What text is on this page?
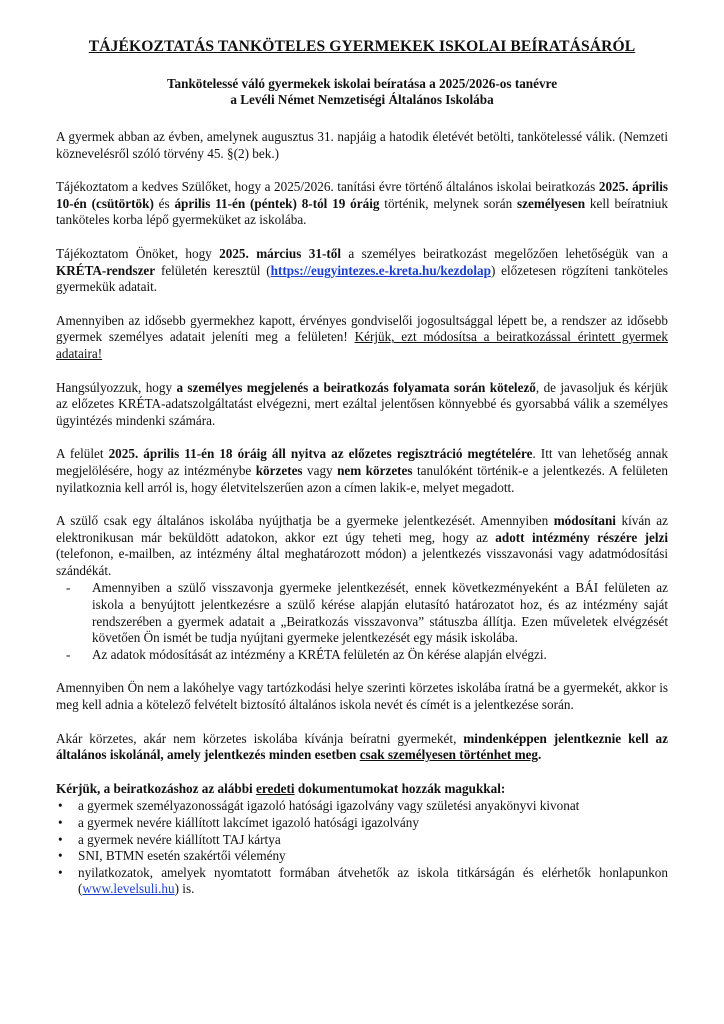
TÁJÉKOZTATÁS TANKÖTELES GYERMEKEK ISKOLAI BEÍRATÁSÁRÓL
Tankötelessé váló gyermekek iskolai beíratása a 2025/2026-os tanévre
a Levéli Német Nemzetiségi Általános Iskolába

A gyermek abban az évben, amelynek augusztus 31. napjáig a hatodik életévét betölti, tankötelessé válik. (Nemzeti köznevelésről szóló törvény 45. §(2) bek.)

Tájékoztatom a kedves Szülőket, hogy a 2025/2026. tanítási évre történő általános iskolai beiratkozás 2025. április 10-én (csütörtök) és április 11-én (péntek) 8-tól 19 óráig történik, melynek során személyesen kell beíratniuk tanköteles korba lépő gyermeküket az iskolába.

Tájékoztatom Önöket, hogy 2025. március 31-től a személyes beiratkozást megelőzően lehetőségük van a KRÉTA-rendszer felületén keresztül (https://eugyintezes.e-kreta.hu/kezdolap) előzetesen rögzíteni tanköteles gyermekük adatait.

Amennyiben az idősebb gyermekhez kapott, érvényes gondviselői jogosultsággal lépett be, a rendszer az idősebb gyermek személyes adatait jeleníti meg a felületen! Kérjük, ezt módosítsa a beiratkozással érintett gyermek adataira!

Hangsúlyozzuk, hogy a személyes megjelenés a beiratkozás folyamata során kötelező, de javasoljuk és kérjük az előzetes KRÉTA-adatszolgáltatást elvégezni, mert ezáltal jelentősen könnyebbé és gyorsabbá válik a személyes ügyintézés mindenki számára.

A felület 2025. április 11-én 18 óráig áll nyitva az előzetes regisztráció megtételére. Itt van lehetőség annak megjelölésére, hogy az intézménybe körzetes vagy nem körzetes tanulóként történik-e a jelentkezés. A felületen nyilatkoznia kell arról is, hogy életvitelszerűen azon a címen lakik-e, melyet megadott.

A szülő csak egy általános iskolába nyújthatja be a gyermeke jelentkezését. Amennyiben módosítani kíván az elektronikusan már beküldött adatokon, akkor ezt úgy teheti meg, hogy az adott intézmény részére jelzi (telefonon, e-mailben, az intézmény által meghatározott módon) a jelentkezés visszavonási vagy adatmódosítási szándékát.

- Amennyiben a szülő visszavonja gyermeke jelentkezését, ennek következményeként a BÁI felületen az iskola a benyújtott jelentkezésre a szülő kérése alapján elutasító határozatot hoz, és az intézmény saját rendszerében a gyermek adatait a „Beiratkozás visszavonva” státuszba állítja. Ezen műveletek elvégzését követően Ön ismét be tudja nyújtani gyermeke jelentkezését egy másik iskolába.
- Az adatok módosítását az intézmény a KRÉTA felületén az Ön kérése alapján elvégzi.

Amennyiben Ön nem a lakóhelye vagy tartózkodási helye szerinti körzetes iskolába íratná be a gyermekét, akkor is meg kell adnia a kötelező felvételt biztosító általános iskola nevét és címét is a jelentkezése során.

Akár körzetes, akár nem körzetes iskolába kívánja beíratni gyermekét, mindenképpen jelentkeznie kell az általános iskolánál, amely jelentkezés minden esetben csak személyesen történhet meg.

Kérjük, a beiratkozáshoz az alábbi eredeti dokumentumokat hozzák magukkal:
• a gyermek személyazonosságát igazoló hatósági igazolvány vagy születési anyakönyvi kivonat
• a gyermek nevére kiállított lakcímet igazoló hatósági igazolvány
• a gyermek nevére kiállított TAJ kártya
• SNI, BTMN esetén szakértői vélemény
• nyilatkozatok, amelyek nyomtatott formában átvehetők az iskola titkárságán és elérhetők honlapunkon (www.levelsuli.hu) is.
